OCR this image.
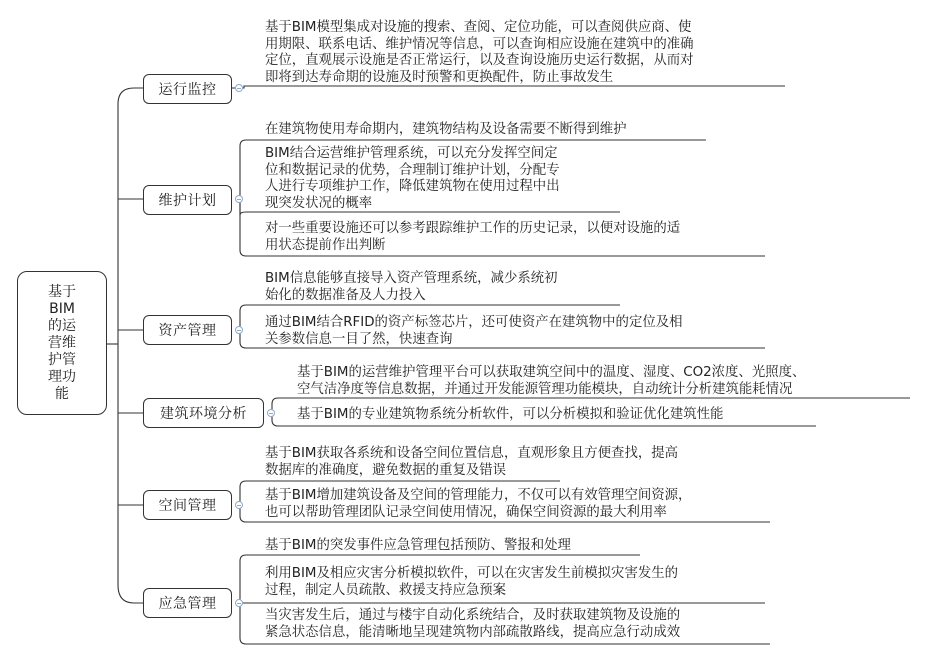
基于
BIM
的运
营维
护管
理功
能
运行监控
维护计划
资产管理
建筑环境分析
空间管理
应急管理
基于BIM模型集成对设施的搜索、查阅、定位功能，可以查阅供应商、使
用期限、联系电话、维护情况等信息，可以查询相应设施在建筑中的准确
定位，直观展示设施是否正常运行，以及查询设施历史运行数据，从而对
即将到达寿命期的设施及时预警和更换配件，防止事故发生
在建筑物使用寿命期内，建筑物结构及设备需要不断得到维护
BIM结合运营维护管理系统，可以充分发挥空间定
位和数据记录的优势，合理制订维护计划，分配专
人进行专项维护工作，降低建筑物在使用过程中出
现突发状况的概率
对一些重要设施还可以参考跟踪维护工作的历史记录，以便对设施的适
用状态提前作出判断
BIM信息能够直接导入资产管理系统，减少系统初
始化的数据准备及人力投入
通过BIM结合RFID的资产标签芯片，还可使资产在建筑物中的定位及相
关参数信息一目了然，快速查询
基于BIM的运营维护管理平台可以获取建筑空间中的温度、湿度、CO2浓度、光照度、
空气洁净度等信息数据，并通过开发能源管理功能模块，自动统计分析建筑能耗情况
基于BIM的专业建筑物系统分析软件，可以分析模拟和验证优化建筑性能
基于BIM获取各系统和设备空间位置信息，直观形象且方便查找，提高
数据库的准确度，避免数据的重复及错误
基于BIM增加建筑设备及空间的管理能力，不仅可以有效管理空间资源，
也可以帮助管理团队记录空间使用情况，确保空间资源的最大利用率
基于BIM的突发事件应急管理包括预防、警报和处理
利用BIM及相应灾害分析模拟软件，可以在灾害发生前模拟灾害发生的
过程，制定人员疏散、救援支持应急预案
当灾害发生后，通过与楼宇自动化系统结合，及时获取建筑物及设施的
紧急状态信息，能清晰地呈现建筑物内部疏散路线，提高应急行动成效
